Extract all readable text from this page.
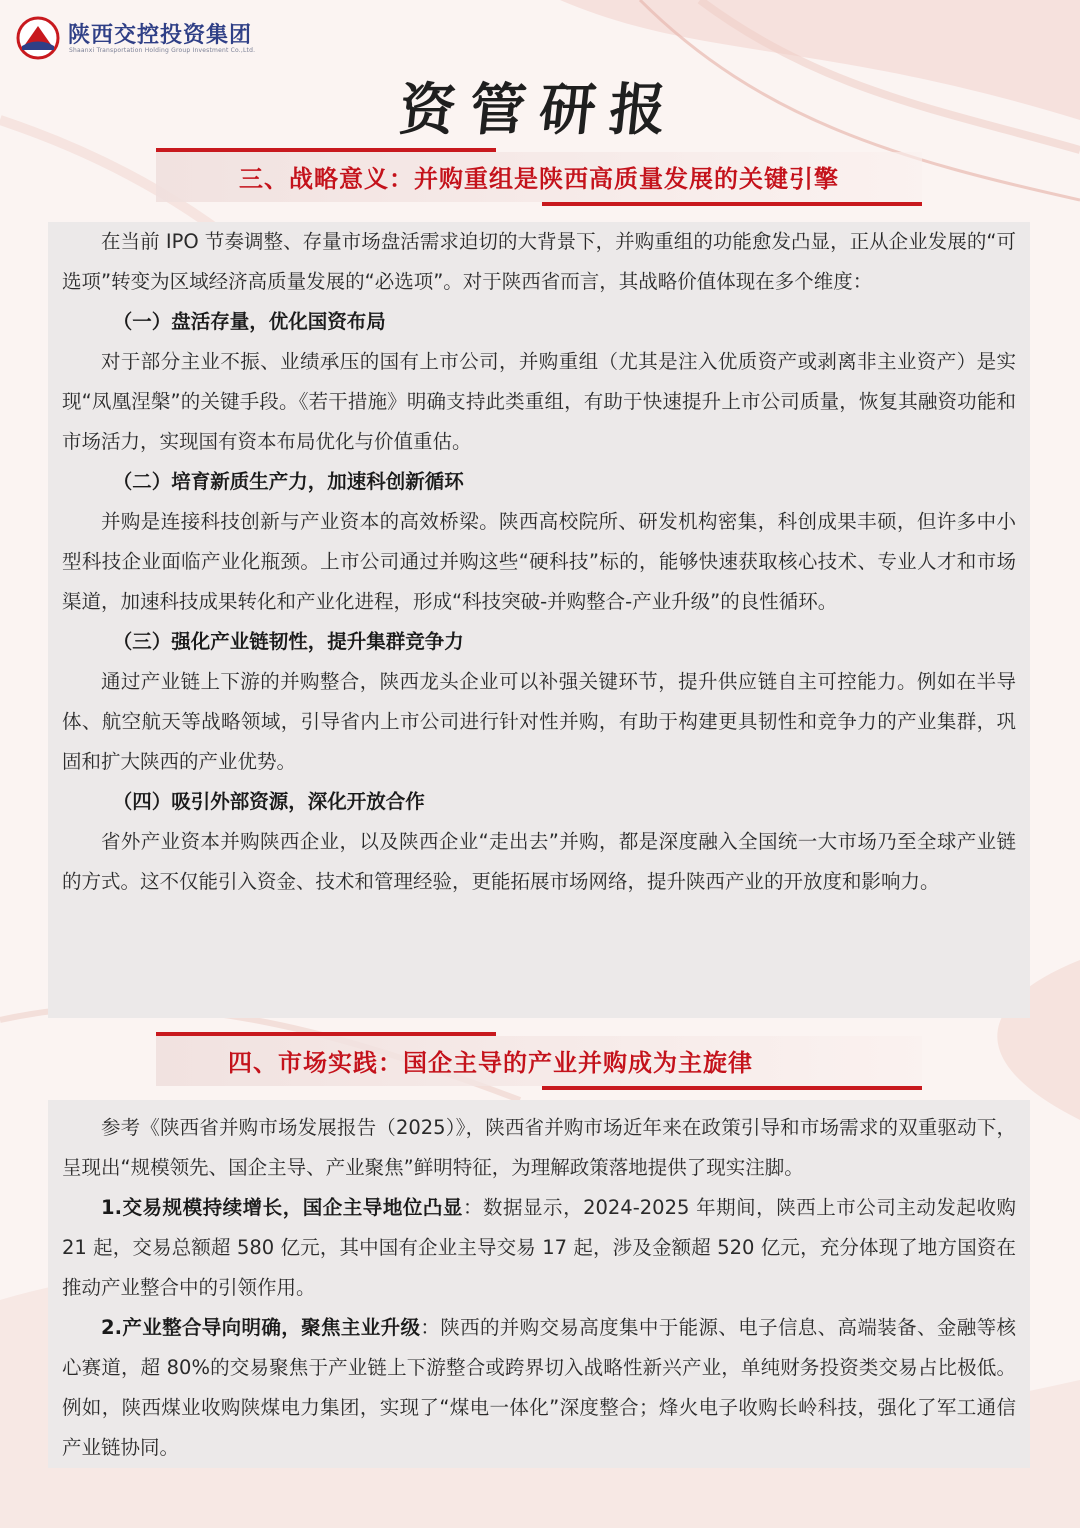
陕西交控投资集团
Shaanxi Transportation Holding Group Investment Co.,Ltd.
资管研报
三、战略意义：并购重组是陕西高质量发展的关键引擎

在当前 IPO 节奏调整、存量市场盘活需求迫切的大背景下，并购重组的功能愈发凸显，正从企业发展的“可选项”转变为区域经济高质量发展的“必选项”。对于陕西省而言，其战略价值体现在多个维度：

（一）盘活存量，优化国资布局

对于部分主业不振、业绩承压的国有上市公司，并购重组（尤其是注入优质资产或剥离非主业资产）是实现“凤凰涅槃”的关键手段。《若干措施》明确支持此类重组，有助于快速提升上市公司质量，恢复其融资功能和市场活力，实现国有资本布局优化与价值重估。

（二）培育新质生产力，加速科创新循环

并购是连接科技创新与产业资本的高效桥梁。陕西高校院所、研发机构密集，科创成果丰硕，但许多中小型科技企业面临产业化瓶颈。上市公司通过并购这些“硬科技”标的，能够快速获取核心技术、专业人才和市场渠道，加速科技成果转化和产业化进程，形成“科技突破-并购整合-产业升级”的良性循环。

（三）强化产业链韧性，提升集群竞争力

通过产业链上下游的并购整合，陕西龙头企业可以补强关键环节，提升供应链自主可控能力。例如在半导体、航空航天等战略领域，引导省内上市公司进行针对性并购，有助于构建更具韧性和竞争力的产业集群，巩固和扩大陕西的产业优势。

（四）吸引外部资源，深化开放合作

省外产业资本并购陕西企业，以及陕西企业“走出去”并购，都是深度融入全国统一大市场乃至全球产业链的方式。这不仅能引入资金、技术和管理经验，更能拓展市场网络，提升陕西产业的开放度和影响力。

四、市场实践：国企主导的产业并购成为主旋律

参考《陕西省并购市场发展报告（2025）》，陕西省并购市场近年来在政策引导和市场需求的双重驱动下，呈现出“规模领先、国企主导、产业聚焦”鲜明特征，为理解政策落地提供了现实注脚。

1.交易规模持续增长，国企主导地位凸显：数据显示，2024-2025 年期间，陕西上市公司主动发起收购 21 起，交易总额超 580 亿元，其中国有企业主导交易 17 起，涉及金额超 520 亿元，充分体现了地方国资在推动产业整合中的引领作用。

2.产业整合导向明确，聚焦主业升级：陕西的并购交易高度集中于能源、电子信息、高端装备、金融等核心赛道，超 80%的交易聚焦于产业链上下游整合或跨界切入战略性新兴产业，单纯财务投资类交易占比极低。例如，陕西煤业收购陕煤电力集团，实现了“煤电一体化”深度整合；烽火电子收购长岭科技，强化了军工通信产业链协同。
